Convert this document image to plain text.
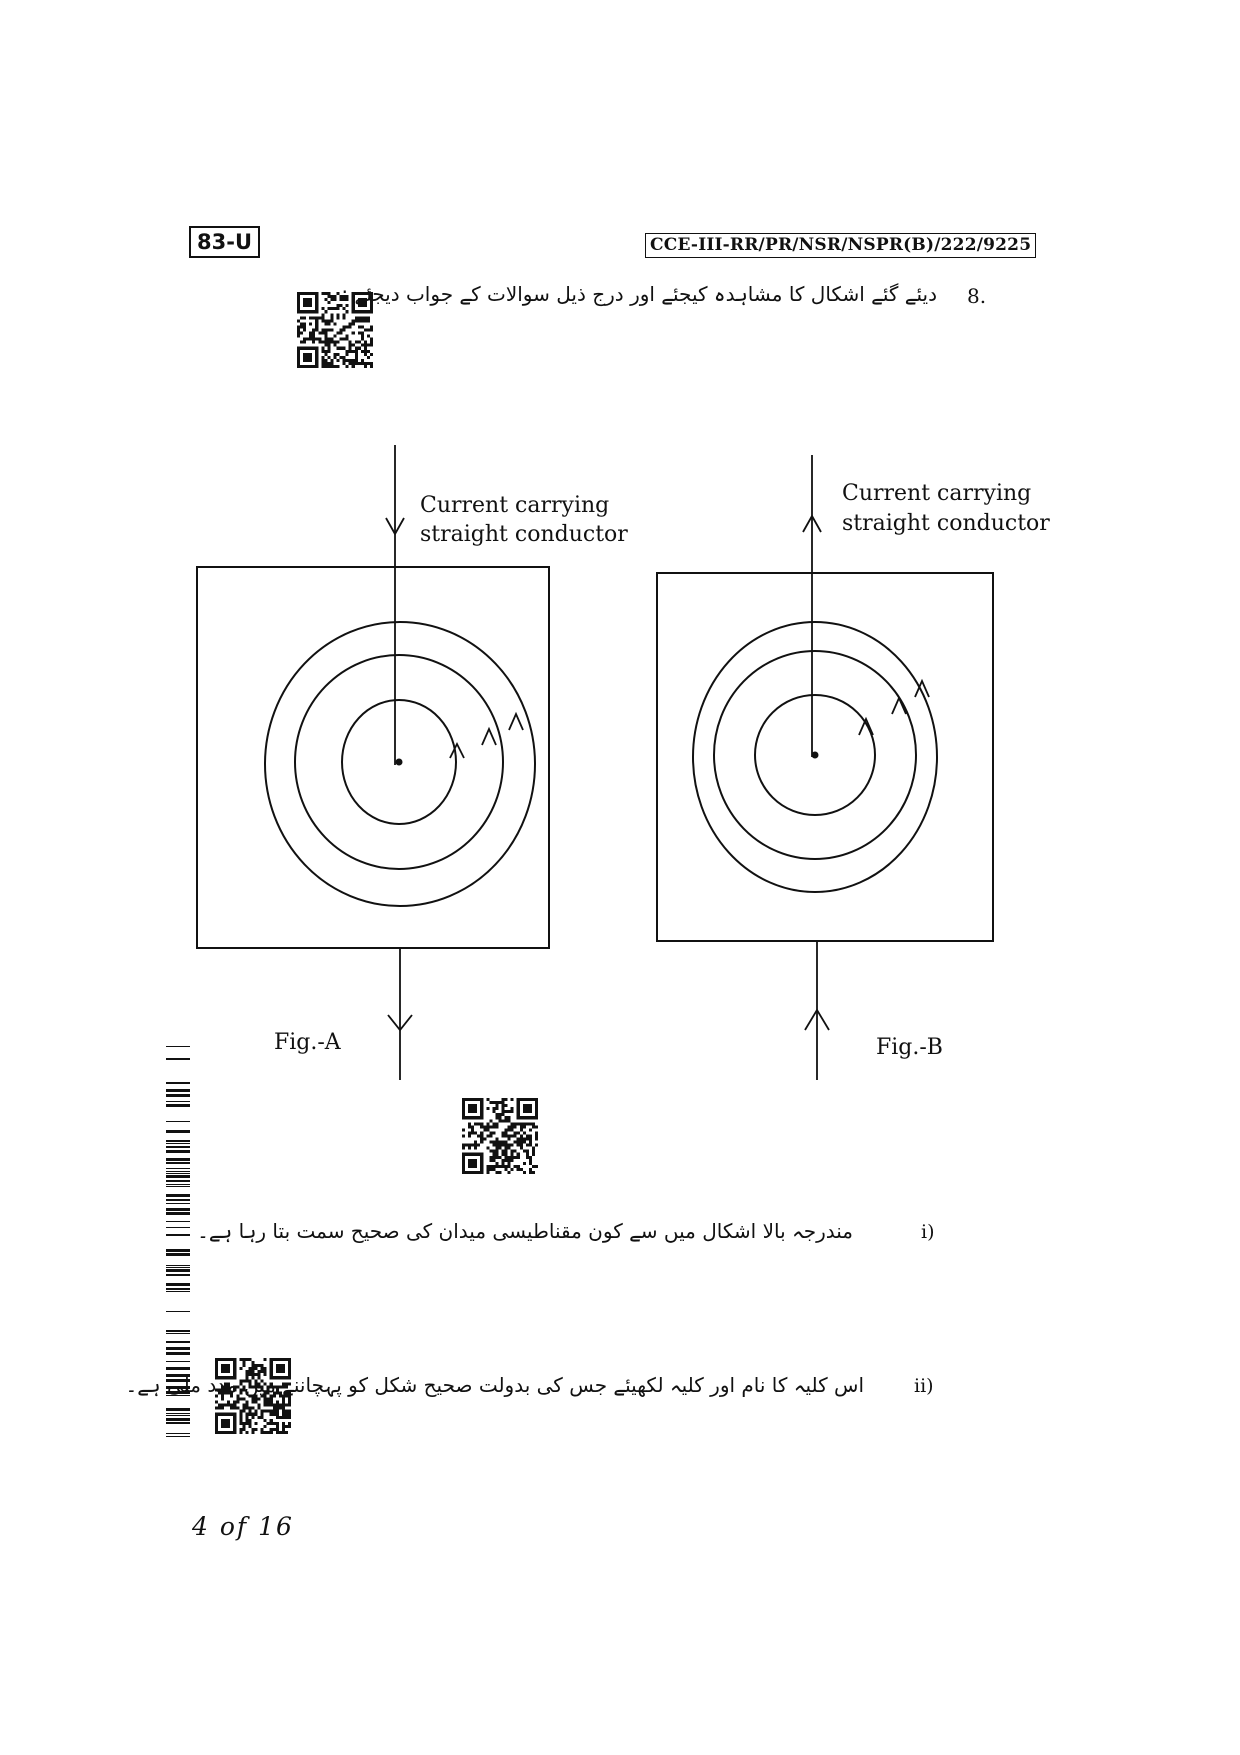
83-U	CCE-III-RR/PR/NSR/NSPR(B)/222/9225
8.
دیئے گئے اشکال کا مشاہدہ کیجئے اور درج ذیل سوالات کے جواب دیجئے :
Current carrying
straight conductor
Fig.-A
Current carrying
straight conductor
Fig.-B
i)
مندرجہ بالا اشکال میں سے کون مقناطیسی میدان کی صحیح سمت بتا رہا ہے۔
ii)
اس کلیہ کا نام اور کلیہ لکھیئے جس کی بدولت صحیح شکل کو پہچاننے میں مدد ملی ہے۔
4 of 16
